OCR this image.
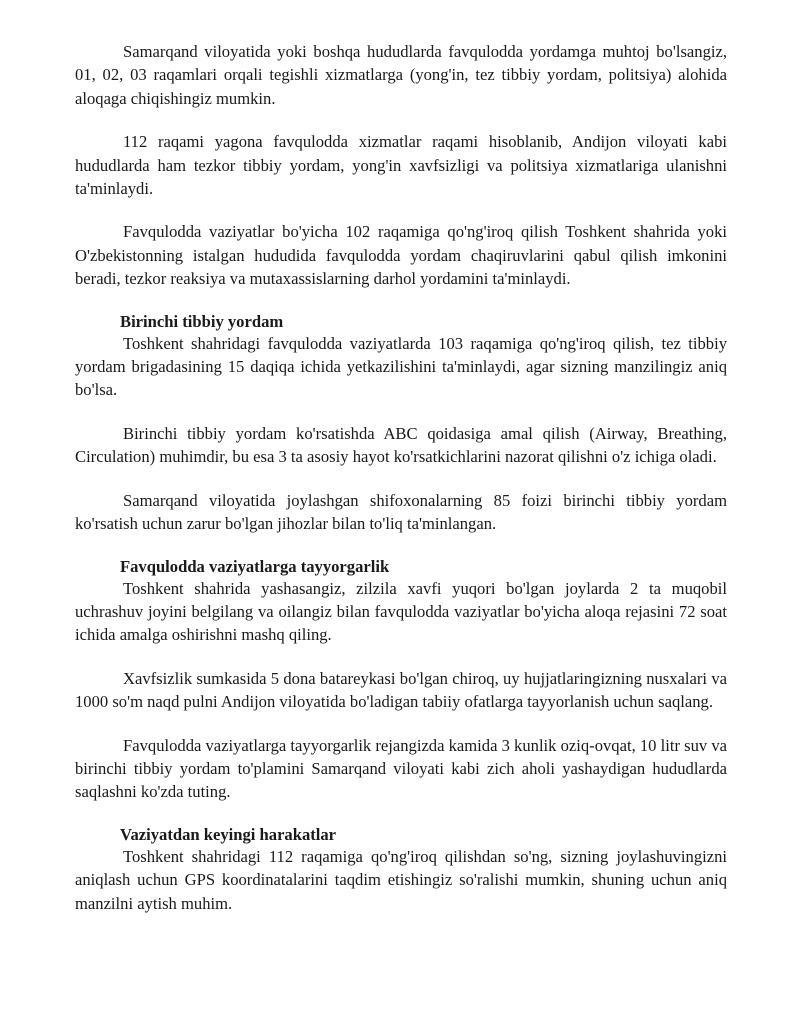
Samarqand viloyatida yoki boshqa hududlarda favqulodda yordamga muhtoj bo'lsangiz, 01, 02, 03 raqamlari orqali tegishli xizmatlarga (yong'in, tez tibbiy yordam, politsiya) alohida aloqaga chiqishingiz mumkin.

112 raqami yagona favqulodda xizmatlar raqami hisoblanib, Andijon viloyati kabi hududlarda ham tezkor tibbiy yordam, yong'in xavfsizligi va politsiya xizmatlariga ulanishni ta'minlaydi.

Favqulodda vaziyatlar bo'yicha 102 raqamiga qo'ng'iroq qilish Toshkent shahrida yoki O'zbekistonning istalgan hududida favqulodda yordam chaqiruvlarini qabul qilish imkonini beradi, tezkor reaksiya va mutaxassislarning darhol yordamini ta'minlaydi.

Birinchi tibbiy yordam

Toshkent shahridagi favqulodda vaziyatlarda 103 raqamiga qo'ng'iroq qilish, tez tibbiy yordam brigadasining 15 daqiqa ichida yetkazilishini ta'minlaydi, agar sizning manzilingiz aniq bo'lsa.

Birinchi tibbiy yordam ko'rsatishda ABC qoidasiga amal qilish (Airway, Breathing, Circulation) muhimdir, bu esa 3 ta asosiy hayot ko'rsatkichlarini nazorat qilishni o'z ichiga oladi.

Samarqand viloyatida joylashgan shifoxonalarning 85 foizi birinchi tibbiy yordam ko'rsatish uchun zarur bo'lgan jihozlar bilan to'liq ta'minlangan.

Favqulodda vaziyatlarga tayyorgarlik

Toshkent shahrida yashasangiz, zilzila xavfi yuqori bo'lgan joylarda 2 ta muqobil uchrashuv joyini belgilang va oilangiz bilan favqulodda vaziyatlar bo'yicha aloqa rejasini 72 soat ichida amalga oshirishni mashq qiling.

Xavfsizlik sumkasida 5 dona batareykasi bo'lgan chiroq, uy hujjatlaringizning nusxalari va 1000 so'm naqd pulni Andijon viloyatida bo'ladigan tabiiy ofatlarga tayyorlanish uchun saqlang.

Favqulodda vaziyatlarga tayyorgarlik rejangizda kamida 3 kunlik oziq-ovqat, 10 litr suv va birinchi tibbiy yordam to'plamini Samarqand viloyati kabi zich aholi yashaydigan hududlarda saqlashni ko'zda tuting.

Vaziyatdan keyingi harakatlar

Toshkent shahridagi 112 raqamiga qo'ng'iroq qilishdan so'ng, sizning joylashuvingizni aniqlash uchun GPS koordinatalarini taqdim etishingiz so'ralishi mumkin, shuning uchun aniq manzilni aytish muhim.
